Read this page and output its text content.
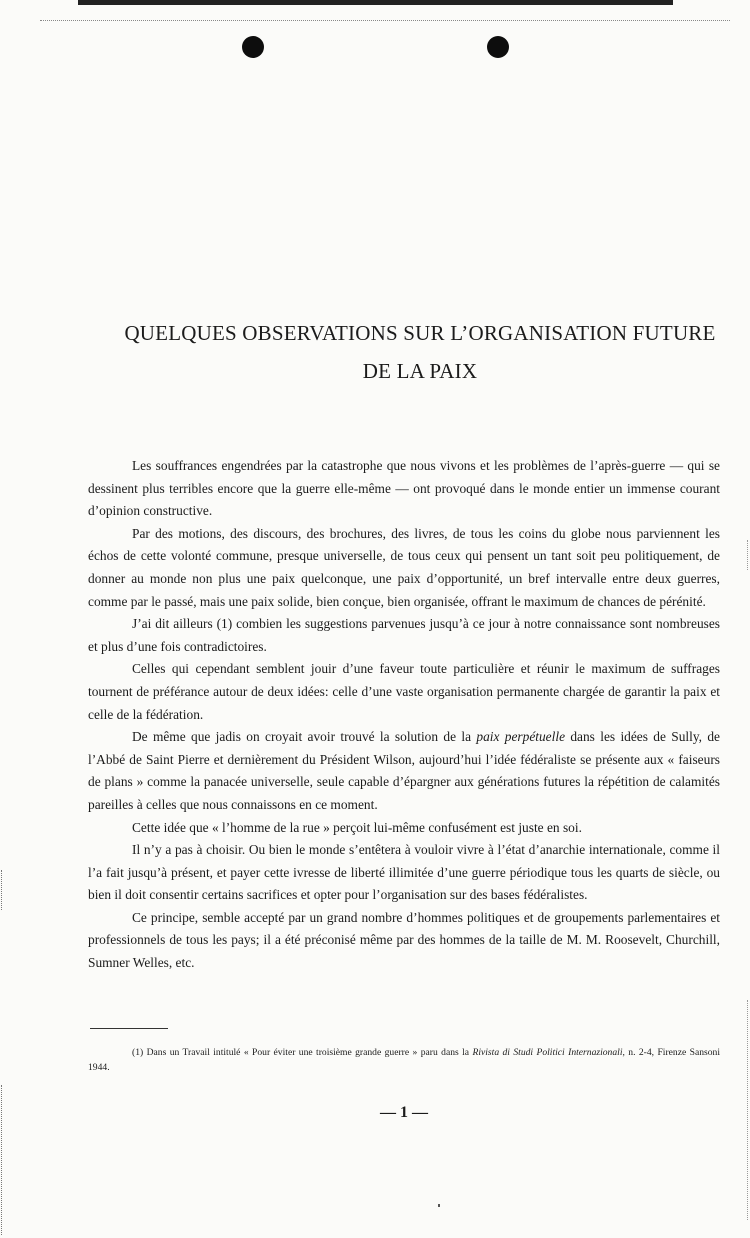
QUELQUES OBSERVATIONS SUR L’ORGANISATION FUTURE
DE LA PAIX

Les souffrances engendrées par la catastrophe que nous vivons et les problèmes de l’après-guerre — qui se dessinent plus terribles encore que la guerre elle-même — ont provoqué dans le monde entier un immense courant d’opinion constructive.

Par des motions, des discours, des brochures, des livres, de tous les coins du globe nous parviennent les échos de cette volonté commune, presque universelle, de tous ceux qui pensent un tant soit peu politiquement, de donner au monde non plus une paix quelconque, une paix d’opportunité, un bref intervalle entre deux guerres, comme par le passé, mais une paix solide, bien conçue, bien organisée, offrant le maximum de chances de pérénité.

J’ai dit ailleurs (1) combien les suggestions parvenues jusqu’à ce jour à notre connaissance sont nombreuses et plus d’une fois contradictoires.

Celles qui cependant semblent jouir d’une faveur toute particulière et réunir le maximum de suffrages tournent de préférance autour de deux idées: celle d’une vaste organisation permanente chargée de garantir la paix et celle de la fédération.

De même que jadis on croyait avoir trouvé la solution de la paix perpétuelle dans les idées de Sully, de l’Abbé de Saint Pierre et dernièrement du Président Wilson, aujourd’hui l’idée fédéraliste se présente aux « faiseurs de plans » comme la panacée universelle, seule capable d’épargner aux générations futures la répétition de calamités pareilles à celles que nous connaissons en ce moment.

Cette idée que « l’homme de la rue » perçoit lui-même confusément est juste en soi.

Il n’y a pas à choisir. Ou bien le monde s’entêtera à vouloir vivre à l’état d’anarchie internationale, comme il l’a fait jusqu’à présent, et payer cette ivresse de liberté illimitée d’une guerre périodique tous les quarts de siècle, ou bien il doit consentir certains sacrifices et opter pour l’organisation sur des bases fédéralistes.

Ce principe, semble accepté par un grand nombre d’hommes politiques et de groupements parlementaires et professionnels de tous les pays; il a été préconisé même par des hommes de la taille de M. M. Roosevelt, Churchill, Sumner Welles, etc.

(1) Dans un Travail intitulé « Pour éviter une troisième grande guerre » paru dans la Rivista di Studi Politici Internazionali, n. 2-4, Firenze Sansoni 1944.
— 1 —
